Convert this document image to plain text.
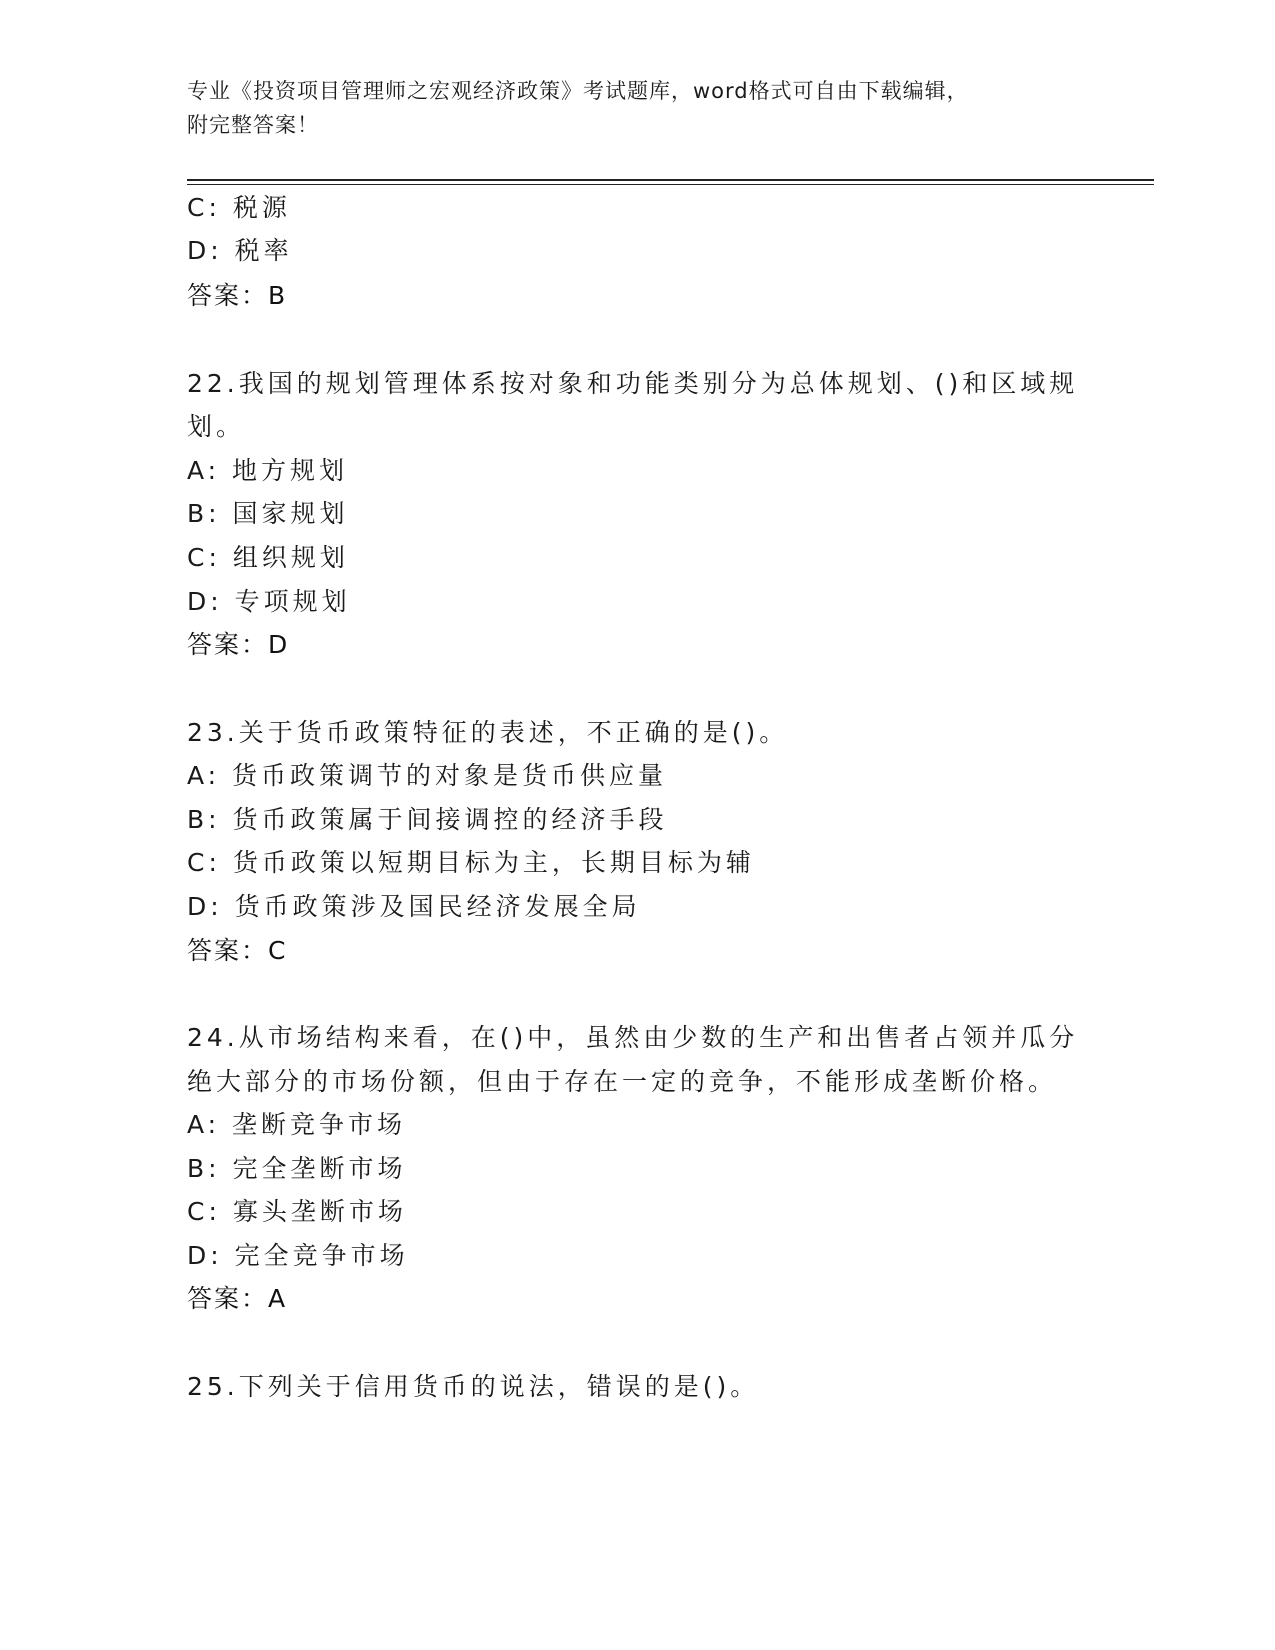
专业《投资项目管理师之宏观经济政策》考试题库，word格式可自由下载编辑，
附完整答案！
C: 税源
D: 税率
答案：B
22.我国的规划管理体系按对象和功能类别分为总体规划、()和区域规
划。
A: 地方规划
B: 国家规划
C: 组织规划
D: 专项规划
答案：D
23.关于货币政策特征的表述，不正确的是()。
A: 货币政策调节的对象是货币供应量
B: 货币政策属于间接调控的经济手段
C: 货币政策以短期目标为主，长期目标为辅
D: 货币政策涉及国民经济发展全局
答案：C
24.从市场结构来看，在()中，虽然由少数的生产和出售者占领并瓜分
绝大部分的市场份额，但由于存在一定的竞争，不能形成垄断价格。
A: 垄断竞争市场
B: 完全垄断市场
C: 寡头垄断市场
D: 完全竞争市场
答案：A
25.下列关于信用货币的说法，错误的是()。
